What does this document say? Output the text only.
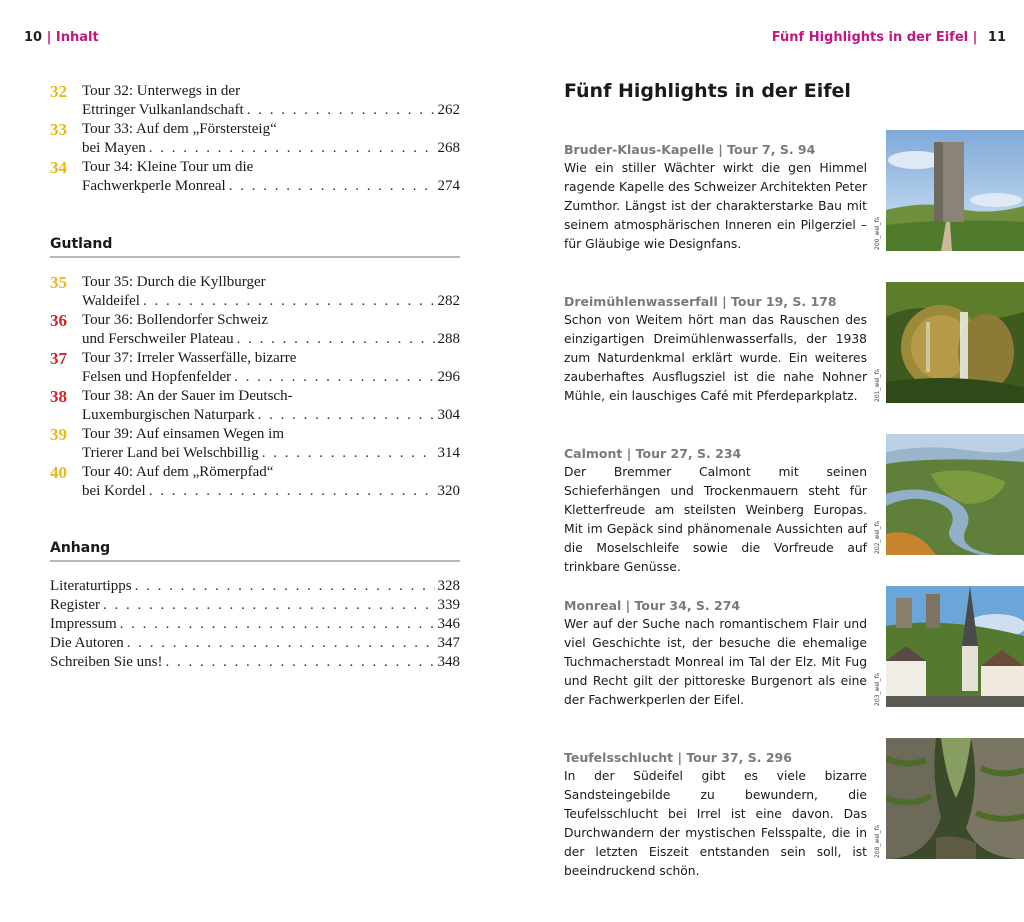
10 | Inhalt	Fünf Highlights in der Eifel | 11
32 Tour 32: Unterwegs in der
Ettringer Vulkanlandschaft . . .	262
33 Tour 33: Auf dem „Förstersteig“
bei Mayen . . .	268
34 Tour 34: Kleine Tour um die
Fachwerkperle Monreal . . .	274
Gutland
35 Tour 35: Durch die Kyllburger
Waldeifel . . .	282
36 Tour 36: Bollendorfer Schweiz
und Ferschweiler Plateau . . .	288
37 Tour 37: Irreler Wasserfälle, bizarre
Felsen und Hopfenfelder . . .	296
38 Tour 38: An der Sauer im Deutsch-
Luxemburgischen Naturpark . . .	304
39 Tour 39: Auf einsamen Wegen im
Trierer Land bei Welschbillig . . .	314
40 Tour 40: Auf dem „Römerpfad“
bei Kordel . . .	320
Anhang
Literaturtipps . . .	328
Register . . .	339
Impressum . . .	346
Die Autoren . . .	347
Schreiben Sie uns! . . .	348
Fünf Highlights in der Eifel
Bruder-Klaus-Kapelle | Tour 7, S. 94
Wie ein stiller Wächter wirkt die gen Himmel ragende Kapelle des Schweizer Architekten Peter Zumthor. Längst ist der charakterstarke Bau mit seinem atmosphärischen Inneren ein Pilgerziel – für Gläubige wie Designfans.
Dreimühlenwasserfall | Tour 19, S. 178
Schon von Weitem hört man das Rauschen des einzigartigen Dreimühlenwasserfalls, der 1938 zum Naturdenkmal erklärt wurde. Ein weiteres zauberhaftes Ausflugsziel ist die nahe Nohner Mühle, ein lauschiges Café mit Pferdeparkplatz.
Calmont | Tour 27, S. 234
Der Bremmer Calmont mit seinen Schieferhängen und Trockenmauern steht für Kletterfreude am steilsten Weinberg Europas. Mit im Gepäck sind phänomenale Aussichten auf die Moselschleife sowie die Vorfreude auf trinkbare Genüsse.
Monreal | Tour 34, S. 274
Wer auf der Suche nach romantischem Flair und viel Geschichte ist, der besuche die ehemalige Tuchmacherstadt Monreal im Tal der Elz. Mit Fug und Recht gilt der pittoreske Burgenort als eine der Fachwerkperlen der Eifel.
Teufelsschlucht | Tour 37, S. 296
In der Südeifel gibt es viele bizarre Sandsteingebilde zu bewundern, die Teufelsschlucht bei Irrel ist eine davon. Das Durchwandern der mystischen Felsspalte, die in der letzten Eiszeit entstanden sein soll, ist beeindruckend schön.
200_wel_fs
201_wel_fs
202_wel_fs
203_wel_fs
208_wel_fs
